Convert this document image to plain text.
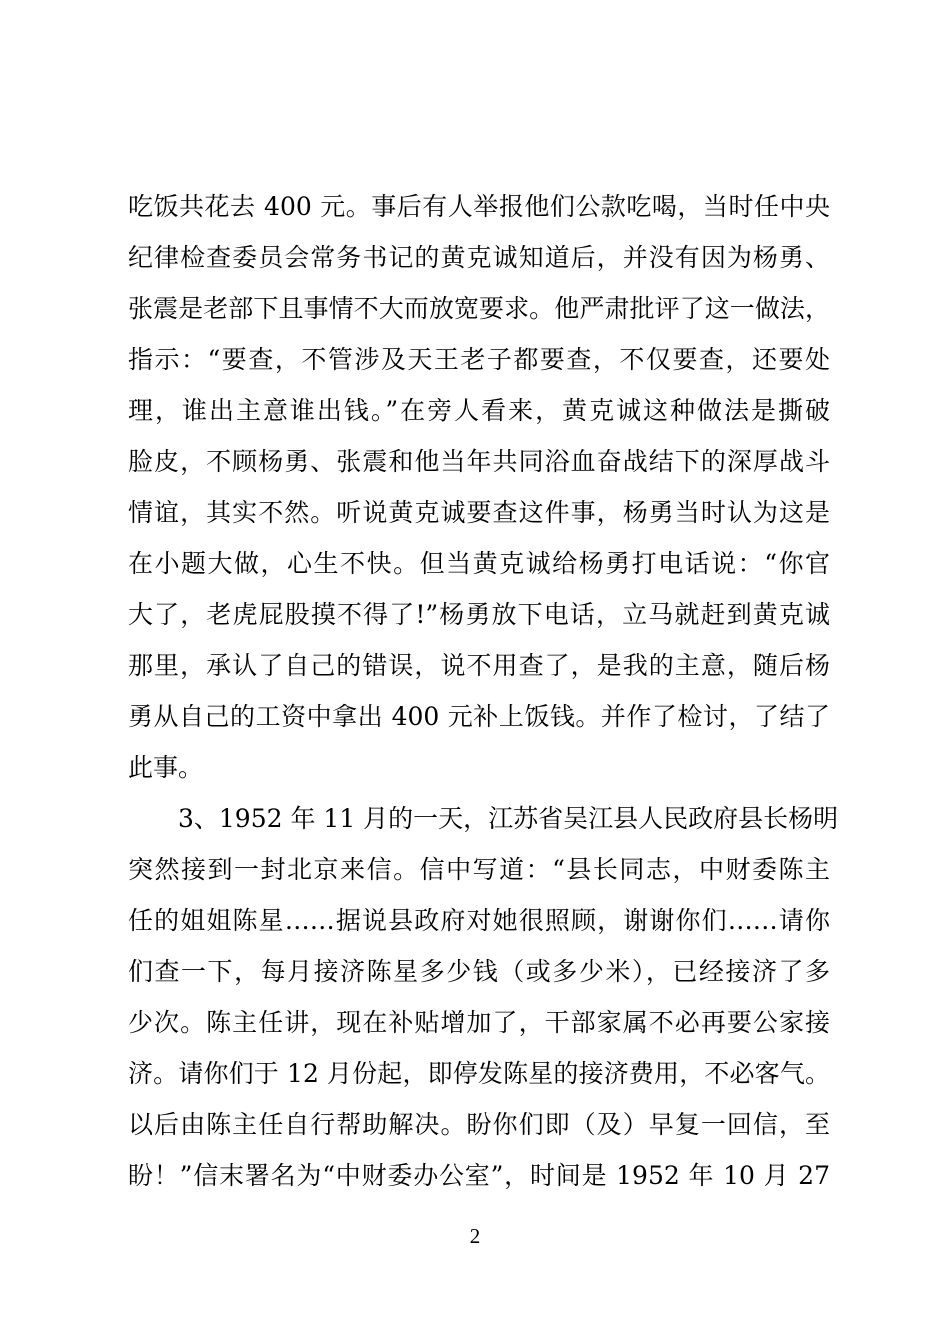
吃饭共花去 400 元。事后有人举报他们公款吃喝，当时任中央
纪律检查委员会常务书记的黄克诚知道后，并没有因为杨勇、
张震是老部下且事情不大而放宽要求。他严肃批评了这一做法，
指示：“要查，不管涉及天王老子都要查，不仅要查，还要处
理，谁出主意谁出钱。”在旁人看来，黄克诚这种做法是撕破
脸皮，不顾杨勇、张震和他当年共同浴血奋战结下的深厚战斗
情谊，其实不然。听说黄克诚要查这件事，杨勇当时认为这是
在小题大做，心生不快。但当黄克诚给杨勇打电话说：“你官
大了，老虎屁股摸不得了!”杨勇放下电话，立马就赶到黄克诚
那里，承认了自己的错误，说不用查了，是我的主意，随后杨
勇从自己的工资中拿出 400 元补上饭钱。并作了检讨，了结了
此事。
3、1952 年 11 月的一天，江苏省吴江县人民政府县长杨明
突然接到一封北京来信。信中写道：“县长同志，中财委陈主
任的姐姐陈星……据说县政府对她很照顾，谢谢你们……请你
们查一下，每月接济陈星多少钱（或多少米），已经接济了多
少次。陈主任讲，现在补贴增加了，干部家属不必再要公家接
济。请你们于 12 月份起，即停发陈星的接济费用，不必客气。
以后由陈主任自行帮助解决。盼你们即（及）早复一回信，至
盼！”信末署名为“中财委办公室”，时间是 1952 年 10 月 27
2
